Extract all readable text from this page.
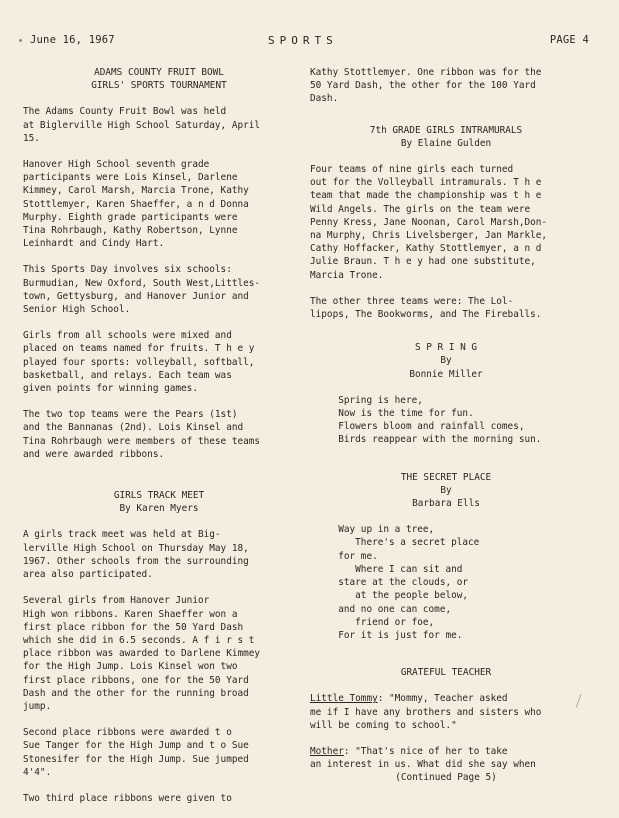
June 16, 1967	SPORTS	PAGE 4
ADAMS COUNTY FRUIT BOWL
GIRLS' SPORTS TOURNAMENT
The Adams County Fruit Bowl was held
at Biglerville High School Saturday, April
15.
Hanover High School seventh grade
participants were Lois Kinsel, Darlene
Kimmey, Carol Marsh, Marcia Trone, Kathy
Stottlemyer, Karen Shaeffer, a n d Donna
Murphy. Eighth grade participants were
Tina Rohrbaugh, Kathy Robertson, Lynne
Leinhardt and Cindy Hart.
This Sports Day involves six schools:
Burmudian, New Oxford, South West,Littles-
town, Gettysburg, and Hanover Junior and
Senior High School.
Girls from all schools were mixed and
placed on teams named for fruits. T h e y
played four sports: volleyball, softball,
basketball, and relays. Each team was
given points for winning games.
The two top teams were the Pears (1st)
and the Bannanas (2nd). Lois Kinsel and
Tina Rohrbaugh were members of these teams
and were awarded ribbons.
GIRLS TRACK MEET
By Karen Myers
A girls track meet was held at Big-
lerville High School on Thursday May 18,
1967. Other schools from the surrounding
area also participated.
Several girls from Hanover Junior
High won ribbons. Karen Shaeffer won a
first place ribbon for the 50 Yard Dash
which she did in 6.5 seconds. A f i r s t
place ribbon was awarded to Darlene Kimmey
for the High Jump. Lois Kinsel won two
first place ribbons, one for the 50 Yard
Dash and the other for the running broad
jump.
Second place ribbons were awarded t o
Sue Tanger for the High Jump and t o Sue
Stonesifer for the High Jump. Sue jumped
4'4".
Two third place ribbons were given to
Kathy Stottlemyer. One ribbon was for the
50 Yard Dash, the other for the 100 Yard
Dash.
7th GRADE GIRLS INTRAMURALS
By Elaine Gulden
Four teams of nine girls each turned
out for the Volleyball intramurals. T h e
team that made the championship was t h e
Wild Angels. The girls on the team were
Penny Kress, Jane Noonan, Carol Marsh,Don-
na Murphy, Chris Livelsberger, Jan Markle,
Cathy Hoffacker, Kathy Stottlemyer, a n d
Julie Braun. T h e y had one substitute,
Marcia Trone.
The other three teams were: The Lol-
lipops, The Bookworms, and The Fireballs.
S P R I N G
By
Bonnie Miller
Spring is here,
Now is the time for fun.
Flowers bloom and rainfall comes,
Birds reappear with the morning sun.
THE SECRET PLACE
By
Barbara Ells
Way up in a tree,
There's a secret place
for me.
Where I can sit and
stare at the clouds, or
at the people below,
and no one can come,
friend or foe,
For it is just for me.
GRATEFUL TEACHER
Little Tommy: "Mommy, Teacher asked
me if I have any brothers and sisters who
will be coming to school."
Mother: "That's nice of her to take
an interest in us. What did she say when
(Continued Page 5)
